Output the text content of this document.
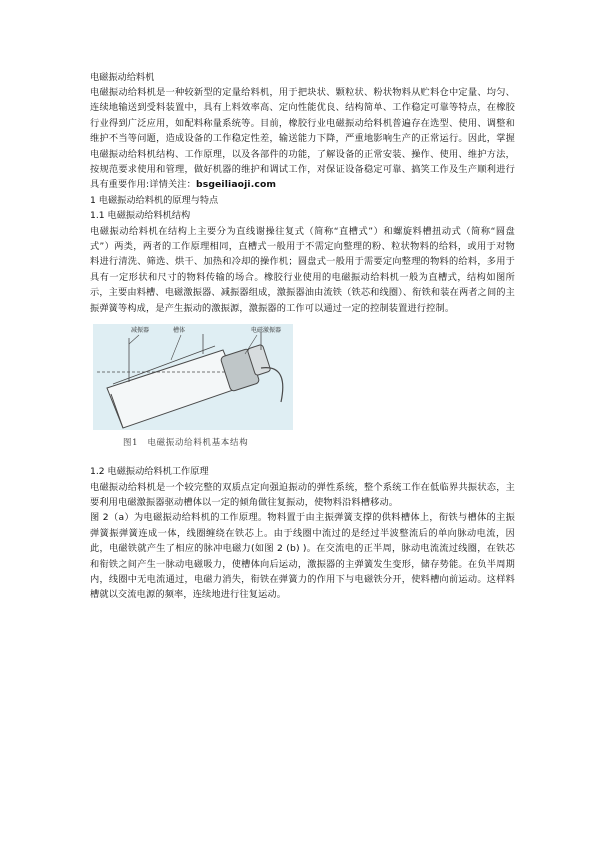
电磁振动给料机

电磁振动给料机是一种较新型的定量给料机，用于把块状、颗粒状、粉状物料从贮料仓中定量、均匀、连续地输送到受料装置中，具有上料效率高、定向性能优良、结构简单、工作稳定可靠等特点，在橡胶行业得到广泛应用，如配料称量系统等。目前，橡胶行业电磁振动给料机普遍存在选型、使用、调整和维护不当等问题，造成设备的工作稳定性差，输送能力下降，严重地影响生产的正常运行。因此，掌握电磁振动给料机结构、工作原理，以及各部件的功能，了解设备的正常安装、操作、使用、维护方法，按规范要求使用和管理，做好机器的维护和调试工作，对保证设备稳定可靠、搞笑工作及生产顺利进行具有重要作用:详情关注：bsgeiliaoji.com

1 电磁振动给料机的原理与特点

1.1 电磁振动给料机结构

电磁振动给料机在结构上主要分为直线谢操往复式（简称“直槽式”）和螺旋料槽扭动式（简称“圆盘式”）两类，两者的工作原理相同，直槽式一般用于不需定向整理的粉、粒状物料的给料，或用于对物料进行清洗、筛选、烘干、加热和冷却的操作机；圆盘式一般用于需要定向整理的物料的给料，多用于具有一定形状和尺寸的物料传输的场合。橡胶行业使用的电磁振动给料机一般为直槽式，结构如图所示，主要由料槽、电磁激振器、减振器组成，激振器油由流铁（铁芯和线圈）、衔铁和装在两者之间的主振弹簧等构成，是产生振动的激振源，激振器的工作可以通过一定的控制装置进行控制。

减振器	槽体	电磁激振器
图1　电磁振动给料机基本结构

1.2 电磁振动给料机工作原理

电磁振动给料机是一个较完整的双质点定向强迫振动的弹性系统，整个系统工作在低临界共振状态，主要利用电磁激振器驱动槽体以一定的倾角做往复振动，使物料沿料槽移动。

图 2（a）为电磁振动给料机的工作原理。物料置于由主振弹簧支撑的供料槽体上，衔铁与槽体的主振弹簧振弹簧连成一体，线圈缠绕在铁芯上。由于线圈中流过的是经过半波整流后的单向脉动电流，因此，电磁铁就产生了相应的脉冲电磁力(如图 2 (b) )。在交流电的正半周，脉动电流流过线圈，在铁芯和衔铁之间产生一脉动电磁吸力，使槽体向后运动，激振器的主弹簧发生变形，储存势能。在负半周期内，线圈中无电流通过，电磁力消失，衔铁在弹簧力的作用下与电磁铁分开，使料槽向前运动。这样料槽就以交流电源的频率，连续地进行往复运动。
